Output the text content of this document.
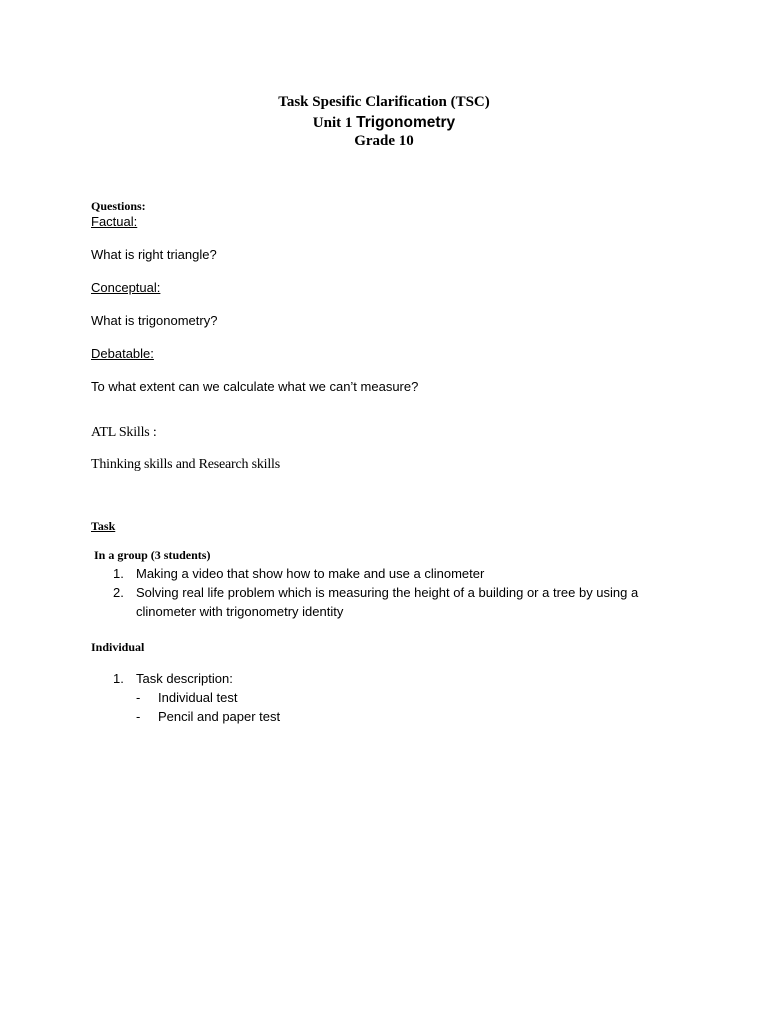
Task Spesific Clarification (TSC)
Unit 1 Trigonometry
Grade 10
Questions:
Factual:
What is right triangle?
Conceptual:
What is trigonometry?
Debatable:
To what extent can we calculate what we can’t measure?
ATL Skills :
Thinking skills and Research skills
Task
In a group (3 students)
1. Making a video that show how to make and use a clinometer
2. Solving real life problem which is measuring the height of a building or a tree by using a
clinometer with trigonometry identity
Individual
1. Task description:
- Individual test
- Pencil and paper test
